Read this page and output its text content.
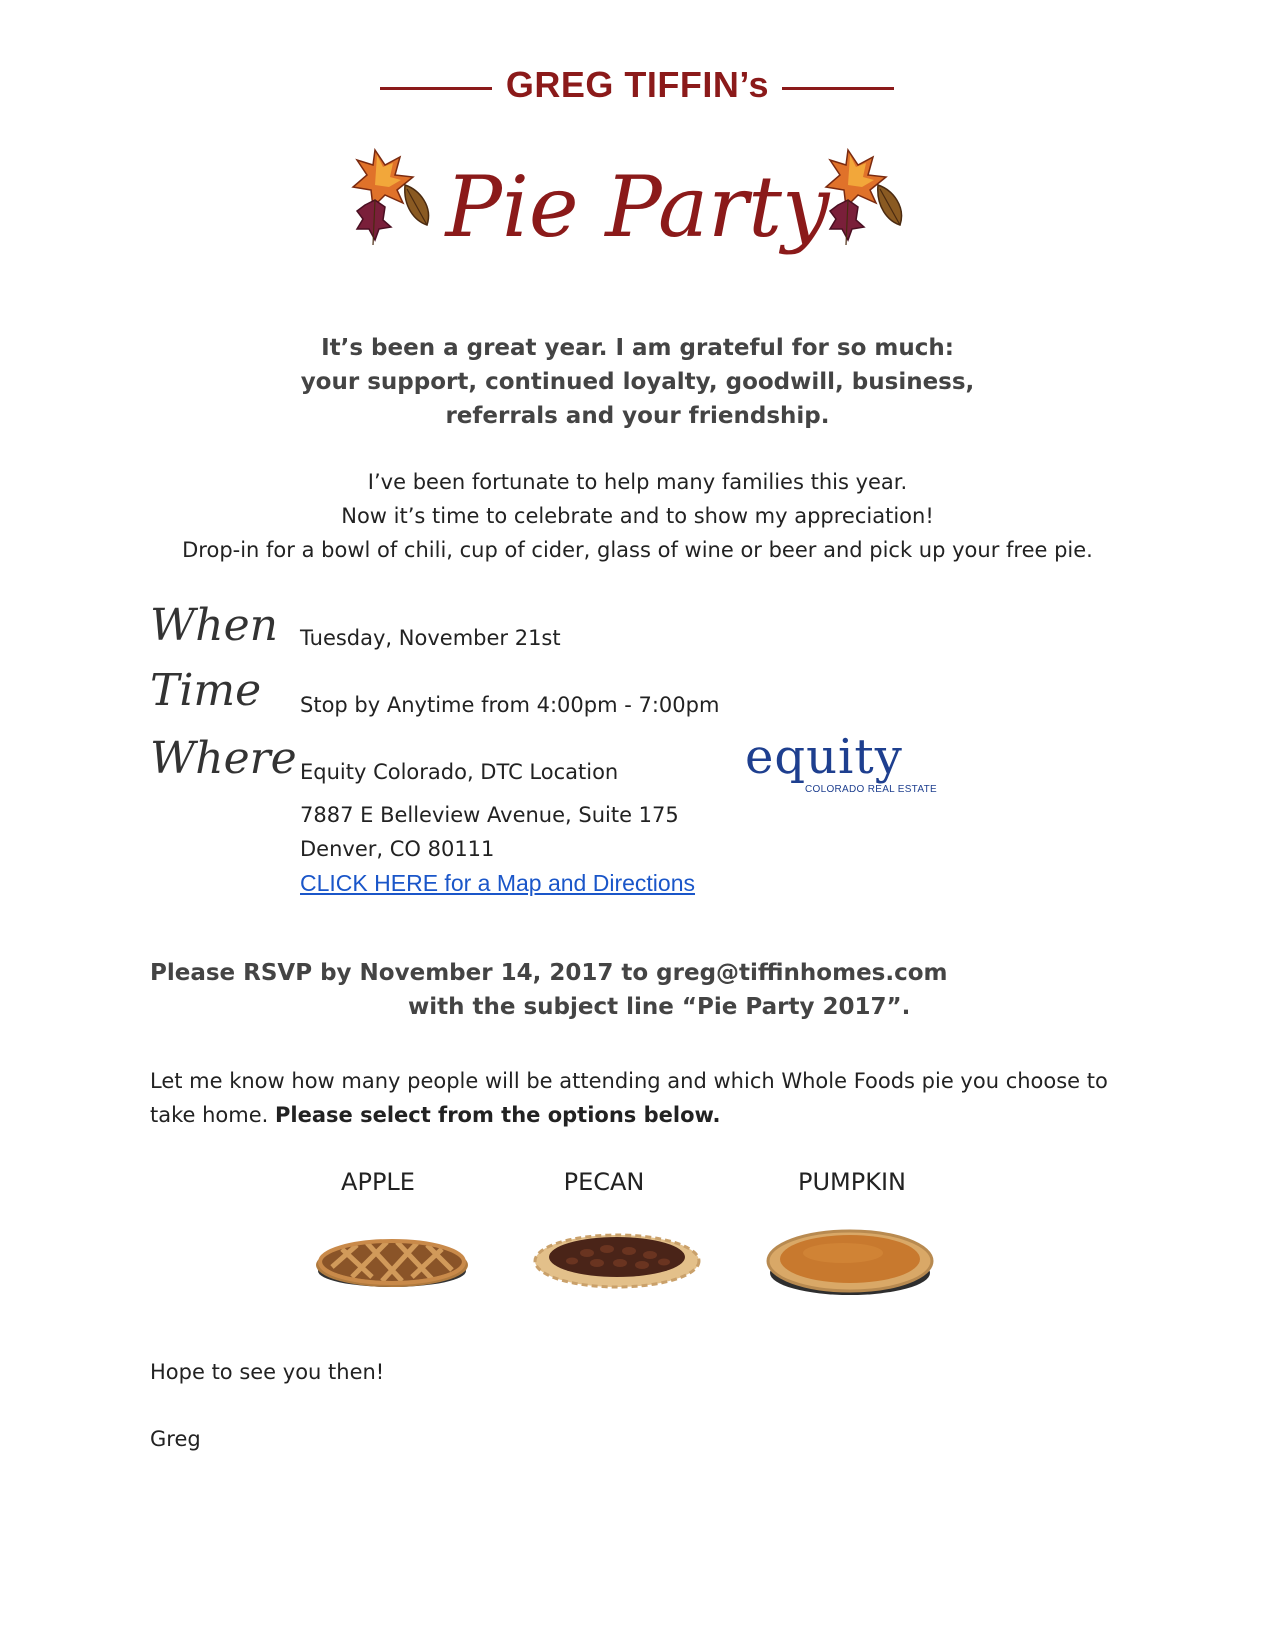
GREG TIFFIN’s
Pie Party
It’s been a great year. I am grateful for so much:
your support, continued loyalty, goodwill, business,
referrals and your friendship.
I’ve been fortunate to help many families this year.
Now it’s time to celebrate and to show my appreciation!
Drop-in for a bowl of chili, cup of cider, glass of wine or beer and pick up your free pie.
When Tuesday, November 21st
Time Stop by Anytime from 4:00pm - 7:00pm
Where Equity Colorado, DTC Location
7887 E Belleview Avenue, Suite 175
Denver, CO 80111
CLICK HERE for a Map and Directions
equity
COLORADO REAL ESTATE
Please RSVP by November 14, 2017 to greg@tiffinhomes.com
with the subject line “Pie Party 2017”.
Let me know how many people will be attending and which Whole Foods pie you choose to take home. Please select from the options below.
APPLE	PECAN	PUMPKIN
Hope to see you then!
Greg
